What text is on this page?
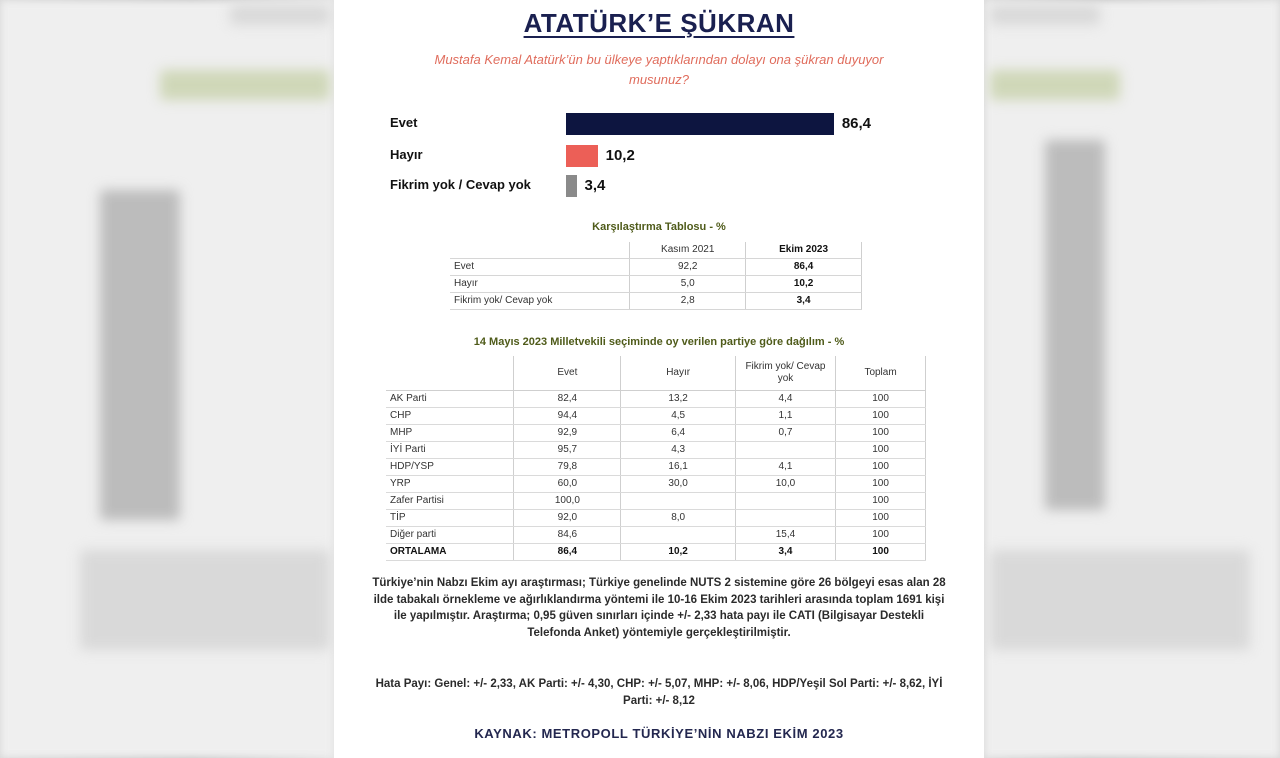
ATATÜRK’E ŞÜKRAN
Mustafa Kemal Atatürk’ün bu ülkeye yaptıklarından dolayı ona şükran duyuyor musunuz?
Evet	86,4
Hayır	10,2
Fikrim yok / Cevap yok	3,4
Karşılaştırma Tablosu - %
	Kasım 2021	Ekim 2023
Evet	92,2	86,4
Hayır	5,0	10,2
Fikrim yok/ Cevap yok	2,8	3,4
14 Mayıs 2023 Milletvekili seçiminde oy verilen partiye göre dağılım - %
	Evet	Hayır	Fikrim yok/ Cevap yok	Toplam
AK Parti	82,4	13,2	4,4	100
CHP	94,4	4,5	1,1	100
MHP	92,9	6,4	0,7	100
İYİ Parti	95,7	4,3		100
HDP/YSP	79,8	16,1	4,1	100
YRP	60,0	30,0	10,0	100
Zafer Partisi	100,0			100
TİP	92,0	8,0		100
Diğer parti	84,6		15,4	100
ORTALAMA	86,4	10,2	3,4	100
Türkiye’nin Nabzı Ekim ayı araştırması; Türkiye genelinde NUTS 2 sistemine göre 26 bölgeyi esas alan 28 ilde tabakalı örnekleme ve ağırlıklandırma yöntemi ile 10-16 Ekim 2023 tarihleri arasında toplam 1691 kişi ile yapılmıştır. Araştırma; 0,95 güven sınırları içinde +/- 2,33 hata payı ile CATI (Bilgisayar Destekli Telefonda Anket) yöntemiyle gerçekleştirilmiştir.
Hata Payı: Genel: +/- 2,33, AK Parti: +/- 4,30, CHP: +/- 5,07, MHP: +/- 8,06, HDP/Yeşil Sol Parti: +/- 8,62, İYİ Parti: +/- 8,12
KAYNAK: METROPOLL TÜRKİYE’NİN NABZI EKİM 2023
